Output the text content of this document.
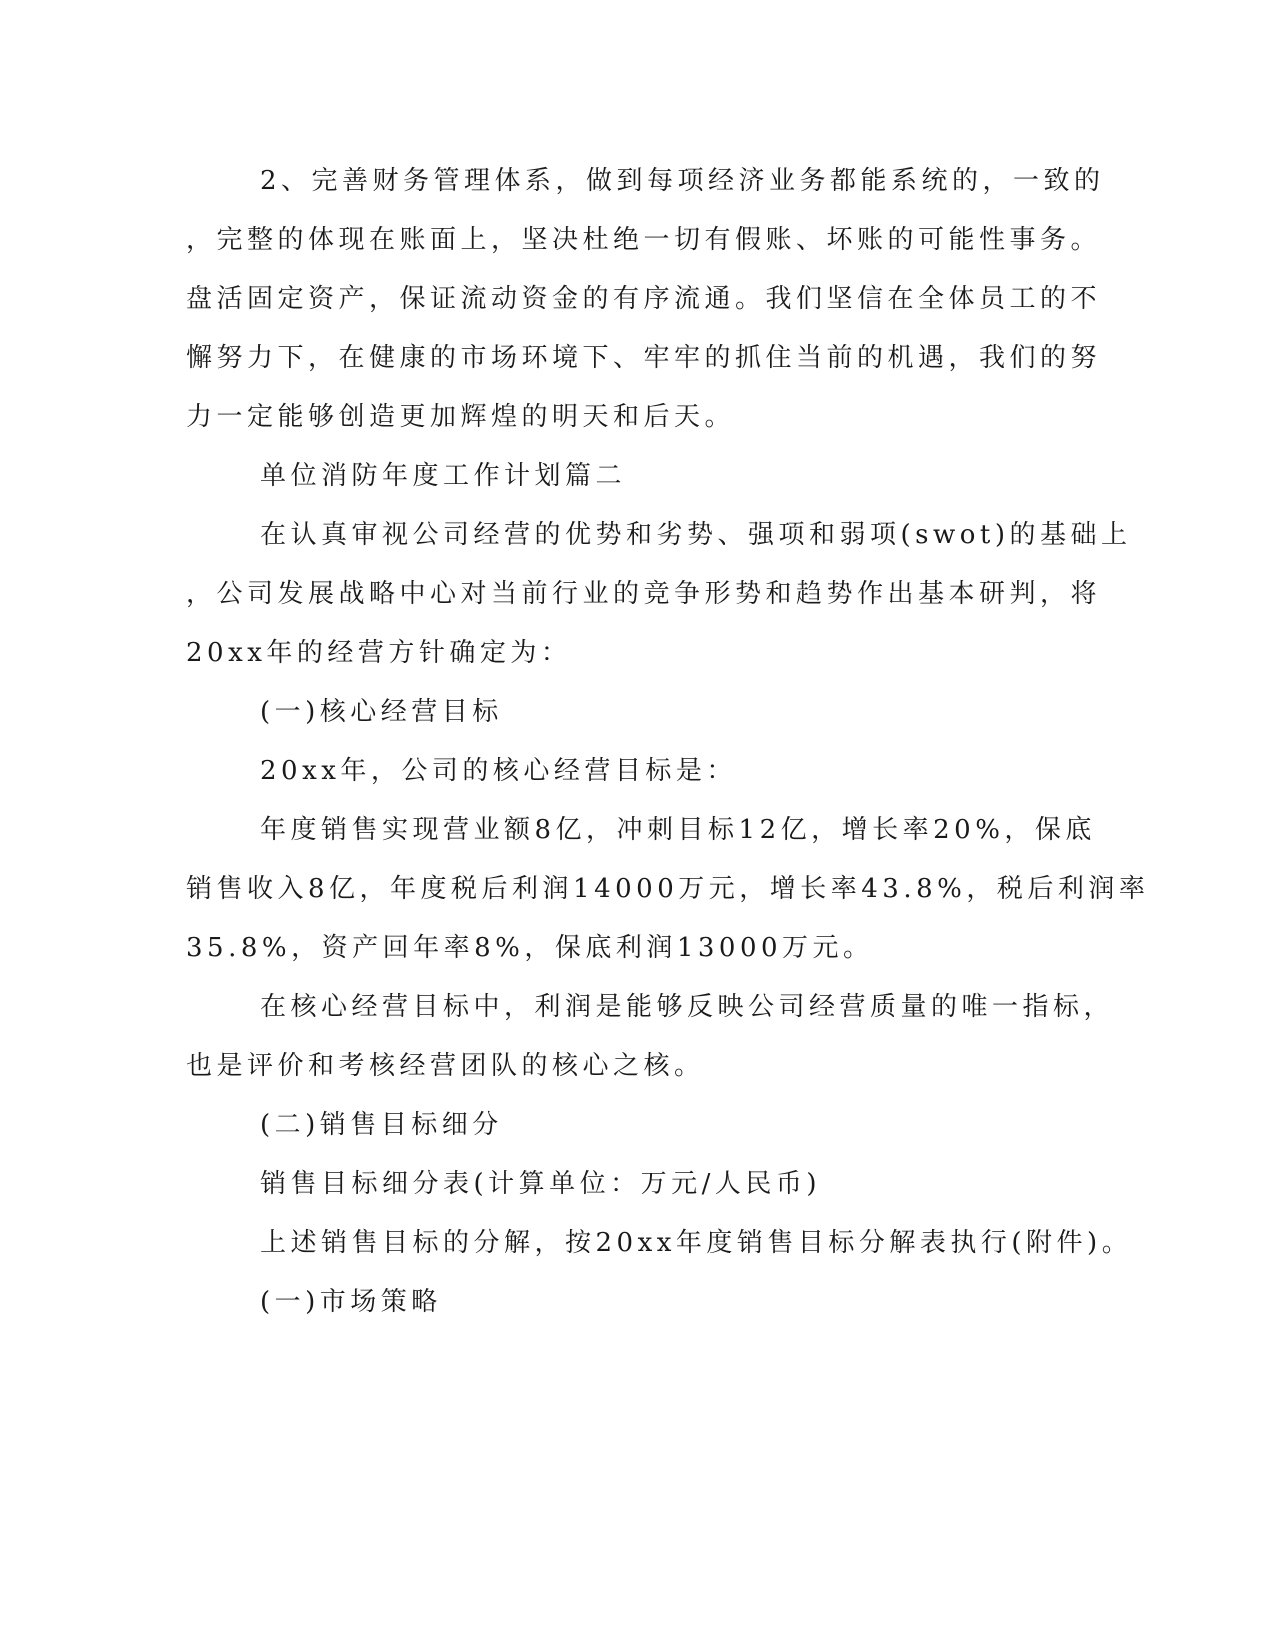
2、完善财务管理体系，做到每项经济业务都能系统的，一致的
，完整的体现在账面上，坚决杜绝一切有假账、坏账的可能性事务。
盘活固定资产，保证流动资金的有序流通。我们坚信在全体员工的不
懈努力下，在健康的市场环境下、牢牢的抓住当前的机遇，我们的努
力一定能够创造更加辉煌的明天和后天。
单位消防年度工作计划篇二
在认真审视公司经营的优势和劣势、强项和弱项(swot)的基础上
，公司发展战略中心对当前行业的竞争形势和趋势作出基本研判，将
20xx年的经营方针确定为：
(一)核心经营目标
20xx年，公司的核心经营目标是：
年度销售实现营业额8亿，冲刺目标12亿，增长率20%，保底
销售收入8亿，年度税后利润14000万元，增长率43.8%，税后利润率
35.8%，资产回年率8%，保底利润13000万元。
在核心经营目标中，利润是能够反映公司经营质量的唯一指标，
也是评价和考核经营团队的核心之核。
(二)销售目标细分
销售目标细分表(计算单位：万元/人民币)
上述销售目标的分解，按20xx年度销售目标分解表执行(附件)。
(一)市场策略
